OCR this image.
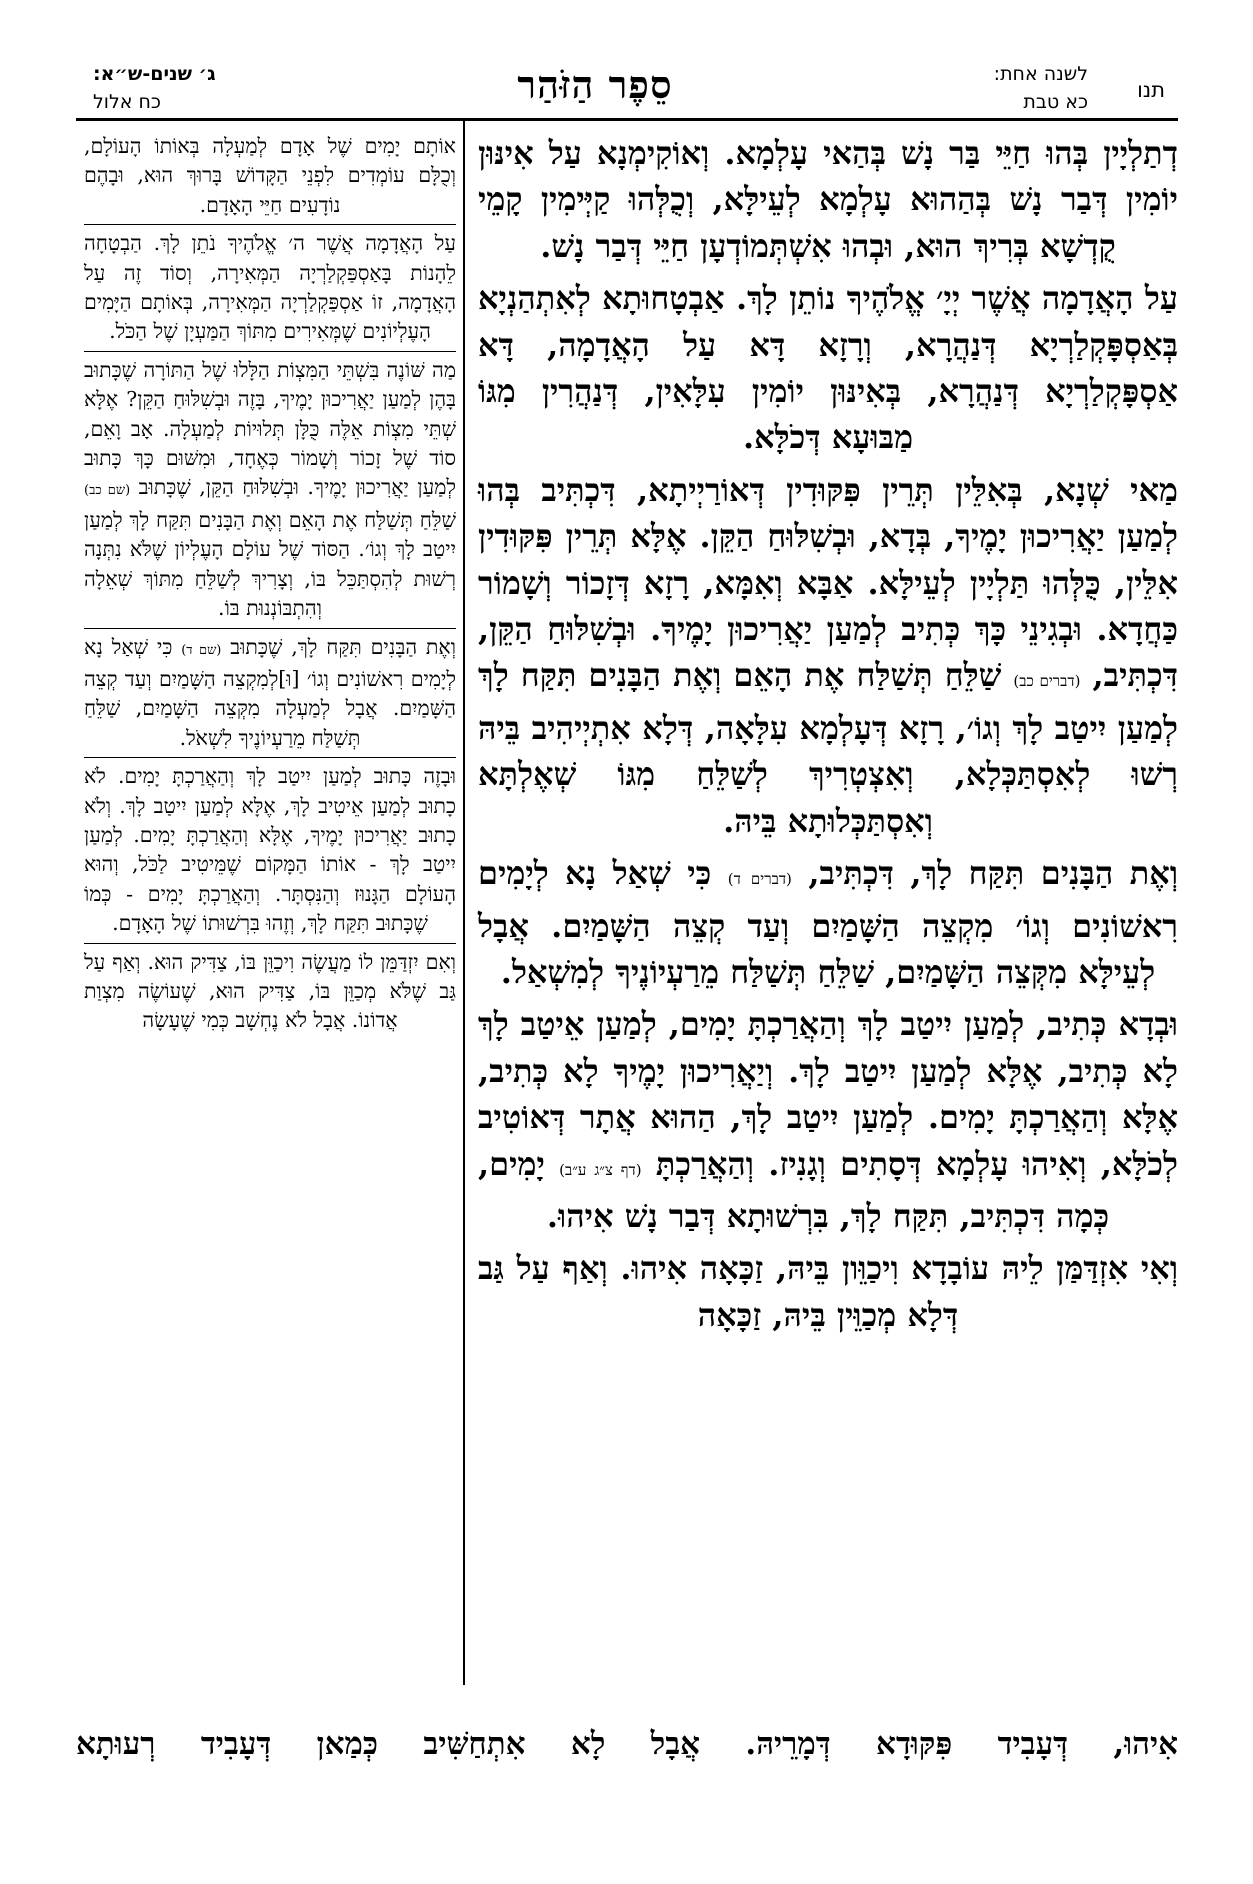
תנו
לשנה אחת:
כא טבת
סֵפֶר הַזֹּהַר
ג׳ שנים-ש״א:
כח אלול

דְתַלְיָין בְּהוּ חַיֵּי בַּר נָשׁ בְּהַאי עָלְמָא. וְאוֹקִימְנָא עַל אִינּוּן יוֹמִין דְּבַר נָשׁ בְּהַהוּא עָלְמָא לְעֵילָּא, וְכֻלְּהוּ קַיְּימִין קָמֵי קֻדְשָׁא בְּרִיךְ הוּא, וּבְהוּ אִשְׁתְּמוֹדְעָן חַיֵּי דְּבַר נָשׁ.

עַל הָאֲדָמָה אֲשֶׁר יְיָ׳ אֱלֹהֶיךָ נוֹתֵן לָךְ. אַבְטָחוּתָא לְאִתְהַנְיָא בְּאַסְפָּקְלַרְיָא דְּנַהֲרָא, וְרָזָא דָּא עַל הָאֲדָמָה, דָּא אַסְפָּקְלַרְיָא דְּנַהֲרָא, בְּאִינּוּן יוֹמִין עִלָּאִין, דְּנַהֲרִין מִגּוֹ מַבּוּעָא דְּכֹלָּא.

מַאי שְׁנָא, בְּאִלֵּין תְּרֵין פִּקּוּדִין דְּאוֹרַיְיתָא, דִּכְתִּיב בְּהוּ לְמַעַן יַאֲרִיכוּן יָמֶיךָ, בְּדָא, וּבְשִׁלּוּחַ הַקֵּן. אֶלָּא תְּרֵין פִּקּוּדִין אִלֵּין, כֻּלְּהוּ תַּלְיָין לְעֵילָּא. אַבָּא וְאִמָּא, רָזָא דְּזָכוֹר וְשָׁמוֹר כַּחֲדָא. וּבְגִינֵי כָּךְ כְּתִיב לְמַעַן יַאֲרִיכוּן יָמֶיךָ. וּבְשִׁלּוּחַ הַקֵּן, דִּכְתִּיב, (דברים כב) שַׁלֵּחַ תְּשַׁלַּח אֶת הָאֵם וְאֶת הַבָּנִים תִּקַּח לָךְ לְמַעַן יִיטַב לָךְ וְגוֹ׳, רָזָא דְּעָלְמָא עִלָּאָה, דְּלָא אִתְיְיהִיב בֵּיהּ רְשׁוּ לְאִסְתַּכְּלָא, וְאִצְטְרִיךְ לְשַׁלֵּחַ מִגּוֹ שְׁאֶלְתָּא וְאִסְתַּכְּלוּתָא בֵּיהּ.

וְאֶת הַבָּנִים תִּקַּח לָךְ, דִּכְתִּיב, (דברים ד) כִּי שְׁאַל נָא לְיָמִים רִאשׁוֹנִים וְגוֹ׳ מִקְצֵה הַשָּׁמַיִם וְעַד קְצֵה הַשָּׁמַיִם. אֲבָל לְעֵילָּא מִקְּצֵה הַשָּׁמַיִם, שַׁלֵּחַ תְּשַׁלַּח מֵרַעְיוֹנֶיךָ לְמִשְׁאַל.

וּבְדָא כְּתִיב, לְמַעַן יִיטַב לָךְ וְהַאֲרַכְתָּ יָמִים, לְמַעַן אֵיטַב לָךְ לָא כְּתִיב, אֶלָּא לְמַעַן יִיטַב לָךְ. וְיַאֲרִיכוּן יָמֶיךָ לָא כְּתִיב, אֶלָּא וְהַאֲרַכְתָּ יָמִים. לְמַעַן יִיטַב לָךְ, הַהוּא אֲתָר דְּאוֹטִיב לְכֹלָּא, וְאִיהוּ עָלְמָא דְּסָתִים וְגָנִיז. וְהַאֲרַכְתָּ (דף צ״ג ע״ב) יָמִים, כְּמָה דִּכְתִּיב, תִּקַּח לָךְ, בִּרְשׁוּתָא דְּבַר נָשׁ אִיהוּ.

וְאִי אִזְדַּמַּן לֵיהּ עוֹבָדָא וִיכַוֵּון בֵּיהּ, זַכָּאָה אִיהוּ. וְאַף עַל גַּב דְּלָא מְכַוֵּין בֵּיהּ, זַכָּאָה

אוֹתָם יָמִים שֶׁל אָדָם לְמַעְלָה בְּאוֹתוֹ הָעוֹלָם, וְכֻלָּם עוֹמְדִים לִפְנֵי הַקָּדוֹשׁ בָּרוּךְ הוּא, וּבָהֶם נוֹדָעִים חַיֵּי הָאָדָם.

עַל הָאֲדָמָה אֲשֶׁר ה׳ אֱלֹהֶיךָ נֹתֵן לָךְ. הַבְטָחָה לֵהָנוֹת בָּאַסְפַּקְלַרְיָה הַמְּאִירָה, וְסוֹד זֶה עַל הָאֲדָמָה, זוֹ אַסְפַּקְלַרְיָה הַמְּאִירָה, בְּאוֹתָם הַיָּמִים הָעֶלְיוֹנִים שֶׁמְּאִירִים מִתּוֹךְ הַמַּעְיָן שֶׁל הַכֹּל.

מַה שּׁוֹנֶה בִּשְׁתֵּי הַמִּצְוֹת הַלָּלוּ שֶׁל הַתּוֹרָה שֶׁכָּתוּב בָּהֶן לְמַעַן יַאֲרִיכוּן יָמֶיךָ, בָּזֶה וּבְשִׁלּוּחַ הַקֵּן? אֶלָּא שְׁתֵּי מִצְוֹת אֵלֶּה כֻּלָּן תְּלוּיוֹת לְמַעְלָה. אָב וָאֵם, סוֹד שֶׁל זָכוֹר וְשָׁמוֹר כְּאֶחָד, וּמִשּׁוּם כָּךְ כָּתוּב לְמַעַן יַאֲרִיכוּן יָמֶיךָ. וּבְשִׁלּוּחַ הַקֵּן, שֶׁכָּתוּב (שם כב) שַׁלֵּחַ תְּשַׁלַּח אֶת הָאֵם וְאֶת הַבָּנִים תִּקַּח לָךְ לְמַעַן יִיטַב לָךְ וְגוֹ׳. הַסּוֹד שֶׁל עוֹלָם הָעֶלְיוֹן שֶׁלֹּא נִתְּנָה רְשׁוּת לְהִסְתַּכֵּל בּוֹ, וְצָרִיךְ לְשַׁלֵּחַ מִתּוֹךְ שְׁאֵלָה וְהִתְבּוֹנְנוּת בּוֹ.

וְאֶת הַבָּנִים תִּקַּח לָךְ, שֶׁכָּתוּב (שם ד) כִּי שְׁאַל נָא לְיָמִים רִאשׁוֹנִים וְגוֹ׳ [וּ]לְמִקְצֵה הַשָּׁמַיִם וְעַד קְצֵה הַשָּׁמַיִם. אֲבָל לְמַעְלָה מִקְּצֵה הַשָּׁמַיִם, שַׁלֵּחַ תְּשַׁלַּח מֵרַעְיוֹנֶיךָ לִשְׁאֹל.

וּבָזֶה כָּתוּב לְמַעַן יִיטַב לָךְ וְהַאֲרַכְתָּ יָמִים. לֹא כָתוּב לְמַעַן אֵיטִיב לָךְ, אֶלָּא לְמַעַן יִיטַב לָךְ. וְלֹא כָתוּב יַאֲרִיכוּן יָמֶיךָ, אֶלָּא וְהַאֲרַכְתָּ יָמִים. לְמַעַן יִיטַב לָךְ - אוֹתוֹ הַמָּקוֹם שֶׁמֵּיטִיב לַכֹּל, וְהוּא הָעוֹלָם הַגָּנוּז וְהַנִּסְתָּר. וְהַאֲרַכְתָּ יָמִים - כְּמוֹ שֶׁכָּתוּב תִּקַּח לָךְ, וְזֶהוּ בִּרְשׁוּתוֹ שֶׁל הָאָדָם.

וְאִם יִזְדַּמֵּן לוֹ מַעֲשֶׂה וִיכַוֵּן בּוֹ, צַדִּיק הוּא. וְאַף עַל גַּב שֶׁלֹּא מְכַוֵּן בּוֹ, צַדִּיק הוּא, שֶׁעוֹשֶׂה מִצְוַת אֲדוֹנוֹ. אֲבָל לֹא נֶחְשָׁב כְּמִי שֶׁעָשָׂה

אִיהוּ, דְּעָבִיד פִּקּוּדָא דְּמָרֵיהּ. אֲבָל לָא אִתְחַשִּׁיב כְּמַאן דְּעָבִיד רְעוּתָא
